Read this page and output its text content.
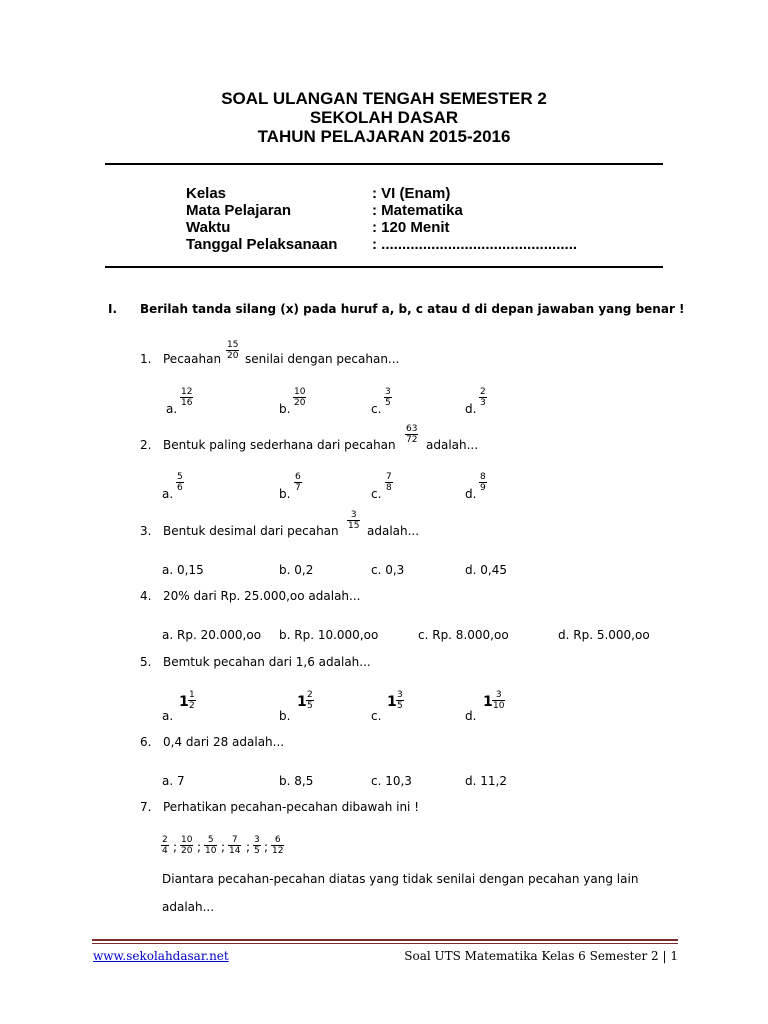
SOAL ULANGAN TENGAH SEMESTER 2
SEKOLAH DASAR
TAHUN PELAJARAN 2015-2016
Kelas	: VI (Enam)
Mata Pelajaran	: Matematika
Waktu	: 120 Menit
Tanggal Pelaksanaan : ...............................................
I. Berilah tanda silang (x) pada huruf a, b, c atau d di depan jawaban yang benar !
1. Pecaahan $\frac{15}{20}$ senilai dengan pecahan...
a.
$\frac{12}{16}$
b.
$\frac{10}{20}$
c.
$\frac{3}{5}$
d.
$\frac{2}{3}$
2. Bentuk paling sederhana dari pecahan $\frac{63}{72}$ adalah...
a.
$\frac{5}{6}$
b.
$\frac{6}{7}$
c.
$\frac{7}{8}$
d.
$\frac{8}{9}$
3. Bentuk desimal dari pecahan $\frac{3}{15}$ adalah...
a. 0,15	b. 0,2	c. 0,3	d. 0,45
4. 20% dari Rp. 25.000,oo adalah...
a. Rp. 20.000,oo b. Rp. 10.000,oo	c. Rp. 8.000,oo	d. Rp. 5.000,oo
5. Bemtuk pecahan dari 1,6 adalah...
a.
$1 \frac{1}{2}$
b.
$1 \frac{2}{5}$
c.
$1 \frac{3}{5}$
d.
$1 \frac{3}{10}$
6. 0,4 dari 28 adalah...
a. 7	b. 8,5	c. 10,3	d. 11,2
7. Perhatikan pecahan-pecahan dibawah ini !
$\frac{2}{4}$ ; $\frac{10}{20}$ ; $\frac{5}{10}$ ; $\frac{7}{14}$ ; $\frac{3}{5}$ ; $\frac{6}{12}$
Diantara pecahan-pecahan diatas yang tidak senilai dengan pecahan yang lain
adalah...
www.sekolahdasar.net	Soal UTS Matematika Kelas 6 Semester 2 | 1
